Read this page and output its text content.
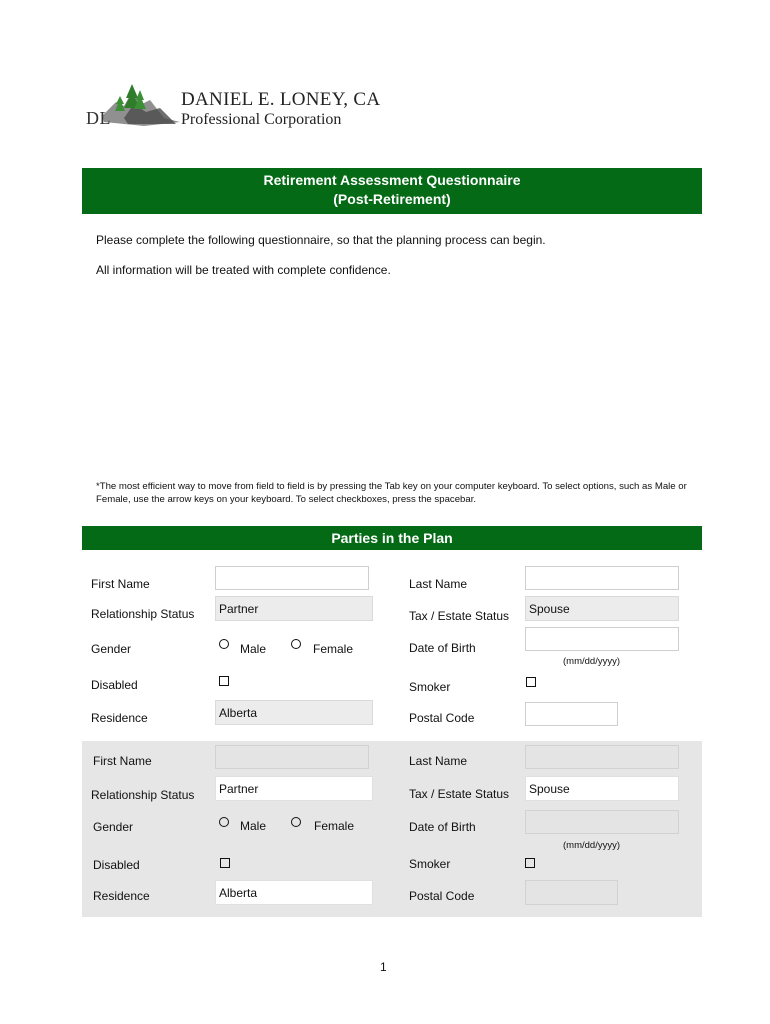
DL
DANIEL E. LONEY, CA
Professional Corporation
Retirement Assessment Questionnaire
(Post-Retirement)
Please complete the following questionnaire, so that the planning process can begin.
All information will be treated with complete confidence.
*The most efficient way to move from field to field is by pressing the Tab key on your computer keyboard. To select options, such as Male or Female, use the arrow keys on your keyboard. To select checkboxes, press the spacebar.
Parties in the Plan
First Name	Last Name
Relationship Status	Partner	Tax / Estate Status	Spouse
Gender	Male	Female	Date of Birth
(mm/dd/yyyy)
Disabled	Smoker
Residence	Alberta	Postal Code
First Name	Last Name
Relationship Status	Partner	Tax / Estate Status	Spouse
Gender	Male	Female	Date of Birth
(mm/dd/yyyy)
Disabled	Smoker
Residence	Alberta	Postal Code
1
